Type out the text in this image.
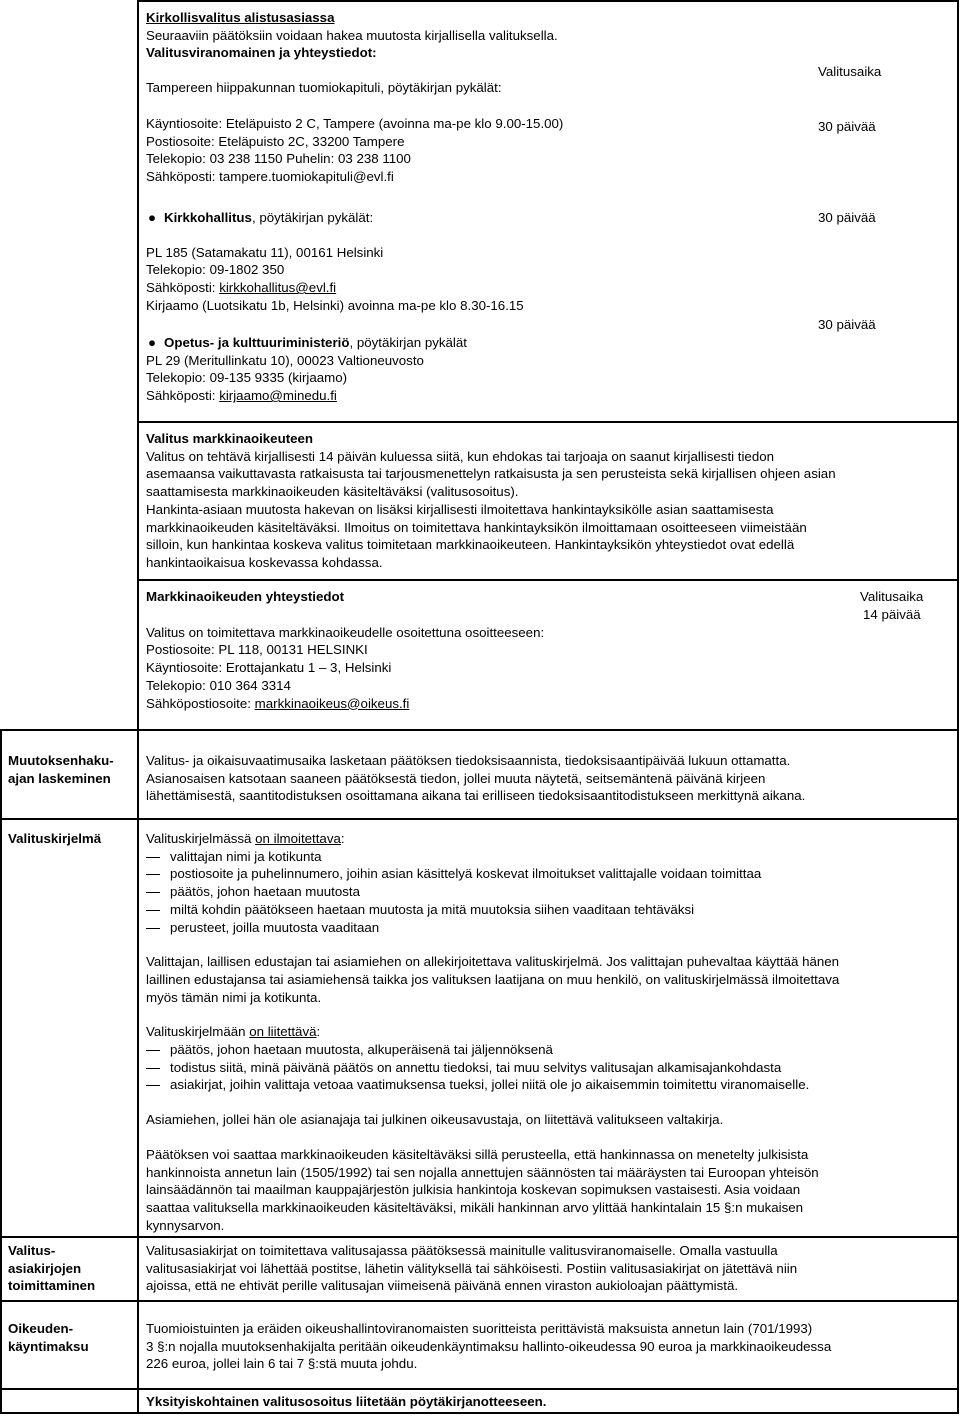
Kirkollisvalitus alistusasiassa
Seuraaviin päätöksiin voidaan hakea muutosta kirjallisella valituksella.
Valitusviranomainen ja yhteystiedot:
Tampereen hiippakunnan tuomiokapituli, pöytäkirjan pykälät:
Käyntiosoite: Eteläpuisto 2 C, Tampere (avoinna ma-pe klo 9.00-15.00)
Postiosoite: Eteläpuisto 2C, 33200 Tampere
Telekopio: 03 238 1150 Puhelin: 03 238 1100
Sähköposti: tampere.tuomiokapituli@evl.fi
Valitusaika
30 päivää
● Kirkkohallitus, pöytäkirjan pykälät:
PL 185 (Satamakatu 11), 00161 Helsinki
Telekopio: 09-1802 350
Sähköposti: kirkkohallitus@evl.fi
Kirjaamo (Luotsikatu 1b, Helsinki) avoinna ma-pe klo 8.30-16.15
30 päivää
● Opetus- ja kulttuuriministeriö, pöytäkirjan pykälät
PL 29 (Meritullinkatu 10), 00023 Valtioneuvosto
Telekopio: 09-135 9335 (kirjaamo)
Sähköposti: kirjaamo@minedu.fi
30 päivää
Valitus markkinaoikeuteen
Valitus on tehtävä kirjallisesti 14 päivän kuluessa siitä, kun ehdokas tai tarjoaja on saanut kirjallisesti tiedon
asemaansa vaikuttavasta ratkaisusta tai tarjousmenettelyn ratkaisusta ja sen perusteista sekä kirjallisen ohjeen asian
saattamisesta markkinaoikeuden käsiteltäväksi (valitusosoitus).
Hankinta-asiaan muutosta hakevan on lisäksi kirjallisesti ilmoitettava hankintayksikölle asian saattamisesta
markkinaoikeuden käsiteltäväksi. Ilmoitus on toimitettava hankintayksikön ilmoittamaan osoitteeseen viimeistään
silloin, kun hankintaa koskeva valitus toimitetaan markkinaoikeuteen. Hankintayksikön yhteystiedot ovat edellä
hankintaoikaisua koskevassa kohdassa.
Markkinaoikeuden yhteystiedot
Valitus on toimitettava markkinaoikeudelle osoitettuna osoitteeseen:
Postiosoite: PL 118, 00131 HELSINKI
Käyntiosoite: Erottajankatu 1 – 3, Helsinki
Telekopio: 010 364 3314
Sähköpostiosoite: markkinaoikeus@oikeus.fi
Valitusaika
14 päivää
Muutoksenhaku-
ajan laskeminen
Valitus- ja oikaisuvaatimusaika lasketaan päätöksen tiedoksisaannista, tiedoksisaantipäivää lukuun ottamatta.
Asianosaisen katsotaan saaneen päätöksestä tiedon, jollei muuta näytetä, seitsemäntenä päivänä kirjeen
lähettämisestä, saantitodistuksen osoittamana aikana tai erilliseen tiedoksisaantitodistukseen merkittynä aikana.
Valituskirjelmä	Valituskirjelmässä on ilmoitettava:
valittajan nimi ja kotikunta
postiosoite ja puhelinnumero, joihin asian käsittelyä koskevat ilmoitukset valittajalle voidaan toimittaa
päätös, johon haetaan muutosta
miltä kohdin päätökseen haetaan muutosta ja mitä muutoksia siihen vaaditaan tehtäväksi
perusteet, joilla muutosta vaaditaan
Valittajan, laillisen edustajan tai asiamiehen on allekirjoitettava valituskirjelmä. Jos valittajan puhevaltaa käyttää hänen
laillinen edustajansa tai asiamiehensä taikka jos valituksen laatijana on muu henkilö, on valituskirjelmässä ilmoitettava
myös tämän nimi ja kotikunta.
Valituskirjelmään on liitettävä:
päätös, johon haetaan muutosta, alkuperäisenä tai jäljennöksenä
todistus siitä, minä päivänä päätös on annettu tiedoksi, tai muu selvitys valitusajan alkamisajankohdasta
asiakirjat, joihin valittaja vetoaa vaatimuksensa tueksi, jollei niitä ole jo aikaisemmin toimitettu viranomaiselle.
Asiamiehen, jollei hän ole asianajaja tai julkinen oikeusavustaja, on liitettävä valitukseen valtakirja.
Päätöksen voi saattaa markkinaoikeuden käsiteltäväksi sillä perusteella, että hankinnassa on menetelty julkisista
hankinnoista annetun lain (1505/1992) tai sen nojalla annettujen säännösten tai määräysten tai Euroopan yhteisön
lainsäädännön tai maailman kauppajärjestön julkisia hankintoja koskevan sopimuksen vastaisesti. Asia voidaan
saattaa valituksella markkinaoikeuden käsiteltäväksi, mikäli hankinnan arvo ylittää hankintalain 15 §:n mukaisen
kynnysarvon.
Valitus-
asiakirjojen
toimittaminen
Valitusasiakirjat on toimitettava valitusajassa päätöksessä mainitulle valitusviranomaiselle. Omalla vastuulla
valitusasiakirjat voi lähettää postitse, lähetin välityksellä tai sähköisesti. Postiin valitusasiakirjat on jätettävä niin
ajoissa, että ne ehtivät perille valitusajan viimeisenä päivänä ennen viraston aukioloajan päättymistä.
Oikeuden-
käyntimaksu
Tuomioistuinten ja eräiden oikeushallintoviranomaisten suoritteista perittävistä maksuista annetun lain (701/1993)
3 §:n nojalla muutoksenhakijalta peritään oikeudenkäyntimaksu hallinto-oikeudessa 90 euroa ja markkinaoikeudessa
226 euroa, jollei lain 6 tai 7 §:stä muuta johdu.
Yksityiskohtainen valitusosoitus liitetään pöytäkirjanotteeseen.
